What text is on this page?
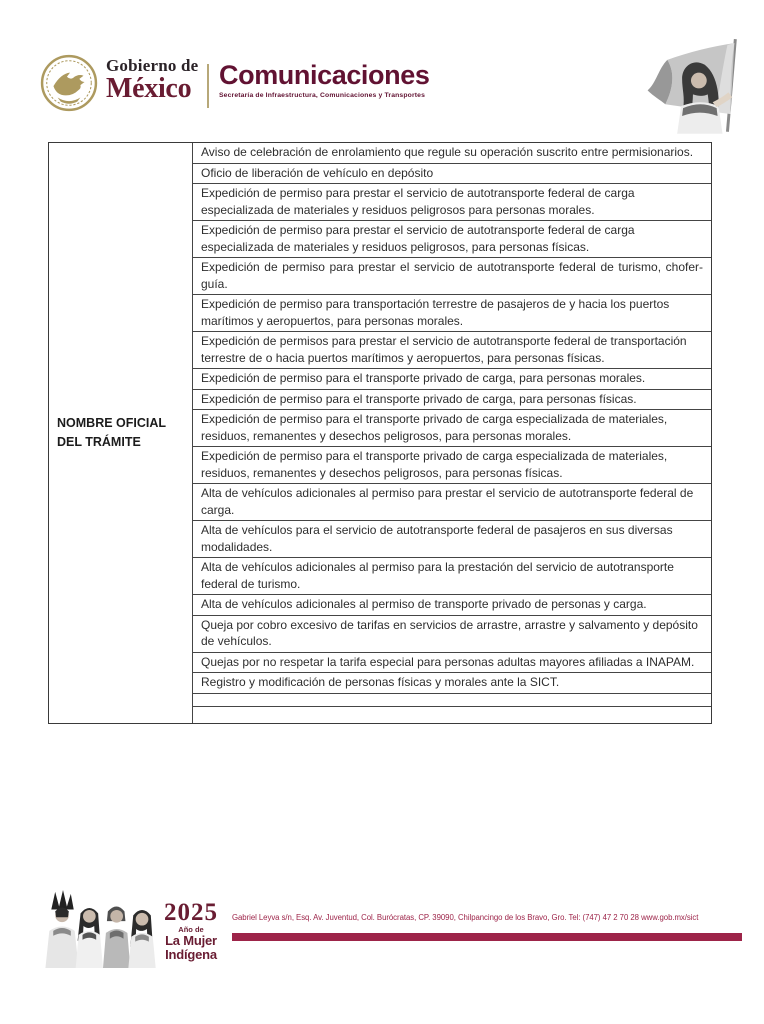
Gobierno de
México Comunicaciones
Secretaría de Infraestructura, Comunicaciones y Transportes
NOMBRE OFICIAL DEL TRÁMITE
Aviso de celebración de enrolamiento que regule su operación suscrito entre permisionarios.
Oficio de liberación de vehículo en depósito
Expedición de permiso para prestar el servicio de autotransporte federal de carga especializada de materiales y residuos peligrosos para personas morales.
Expedición de permiso para prestar el servicio de autotransporte federal de carga especializada de materiales y residuos peligrosos, para personas físicas.
Expedición de permiso para prestar el servicio de autotransporte federal de turismo, chofer-guía.
Expedición de permiso para transportación terrestre de pasajeros de y hacia los puertos marítimos y aeropuertos, para personas morales.
Expedición de permisos para prestar el servicio de autotransporte federal de transportación terrestre de o hacia puertos marítimos y aeropuertos, para personas físicas.
Expedición de permiso para el transporte privado de carga, para personas morales.
Expedición de permiso para el transporte privado de carga, para personas físicas.
Expedición de permiso para el transporte privado de carga especializada de materiales, residuos, remanentes y desechos peligrosos, para personas morales.
Expedición de permiso para el transporte privado de carga especializada de materiales, residuos, remanentes y desechos peligrosos, para personas físicas.
Alta de vehículos adicionales al permiso para prestar el servicio de autotransporte federal de carga.
Alta de vehículos para el servicio de autotransporte federal de pasajeros en sus diversas modalidades.
Alta de vehículos adicionales al permiso para la prestación del servicio de autotransporte federal de turismo.
Alta de vehículos adicionales al permiso de transporte privado de personas y carga.
Queja por cobro excesivo de tarifas en servicios de arrastre, arrastre y salvamento y depósito de vehículos.
Quejas por no respetar la tarifa especial para personas adultas mayores afiliadas a INAPAM.
Registro y modificación de personas físicas y morales ante la SICT.
2025
Año de
La Mujer
Indígena
Gabriel Leyva s/n, Esq. Av. Juventud, Col. Burócratas, CP. 39090, Chilpancingo de los Bravo, Gro. Tel: (747) 47 2 70 28 www.gob.mx/sict
